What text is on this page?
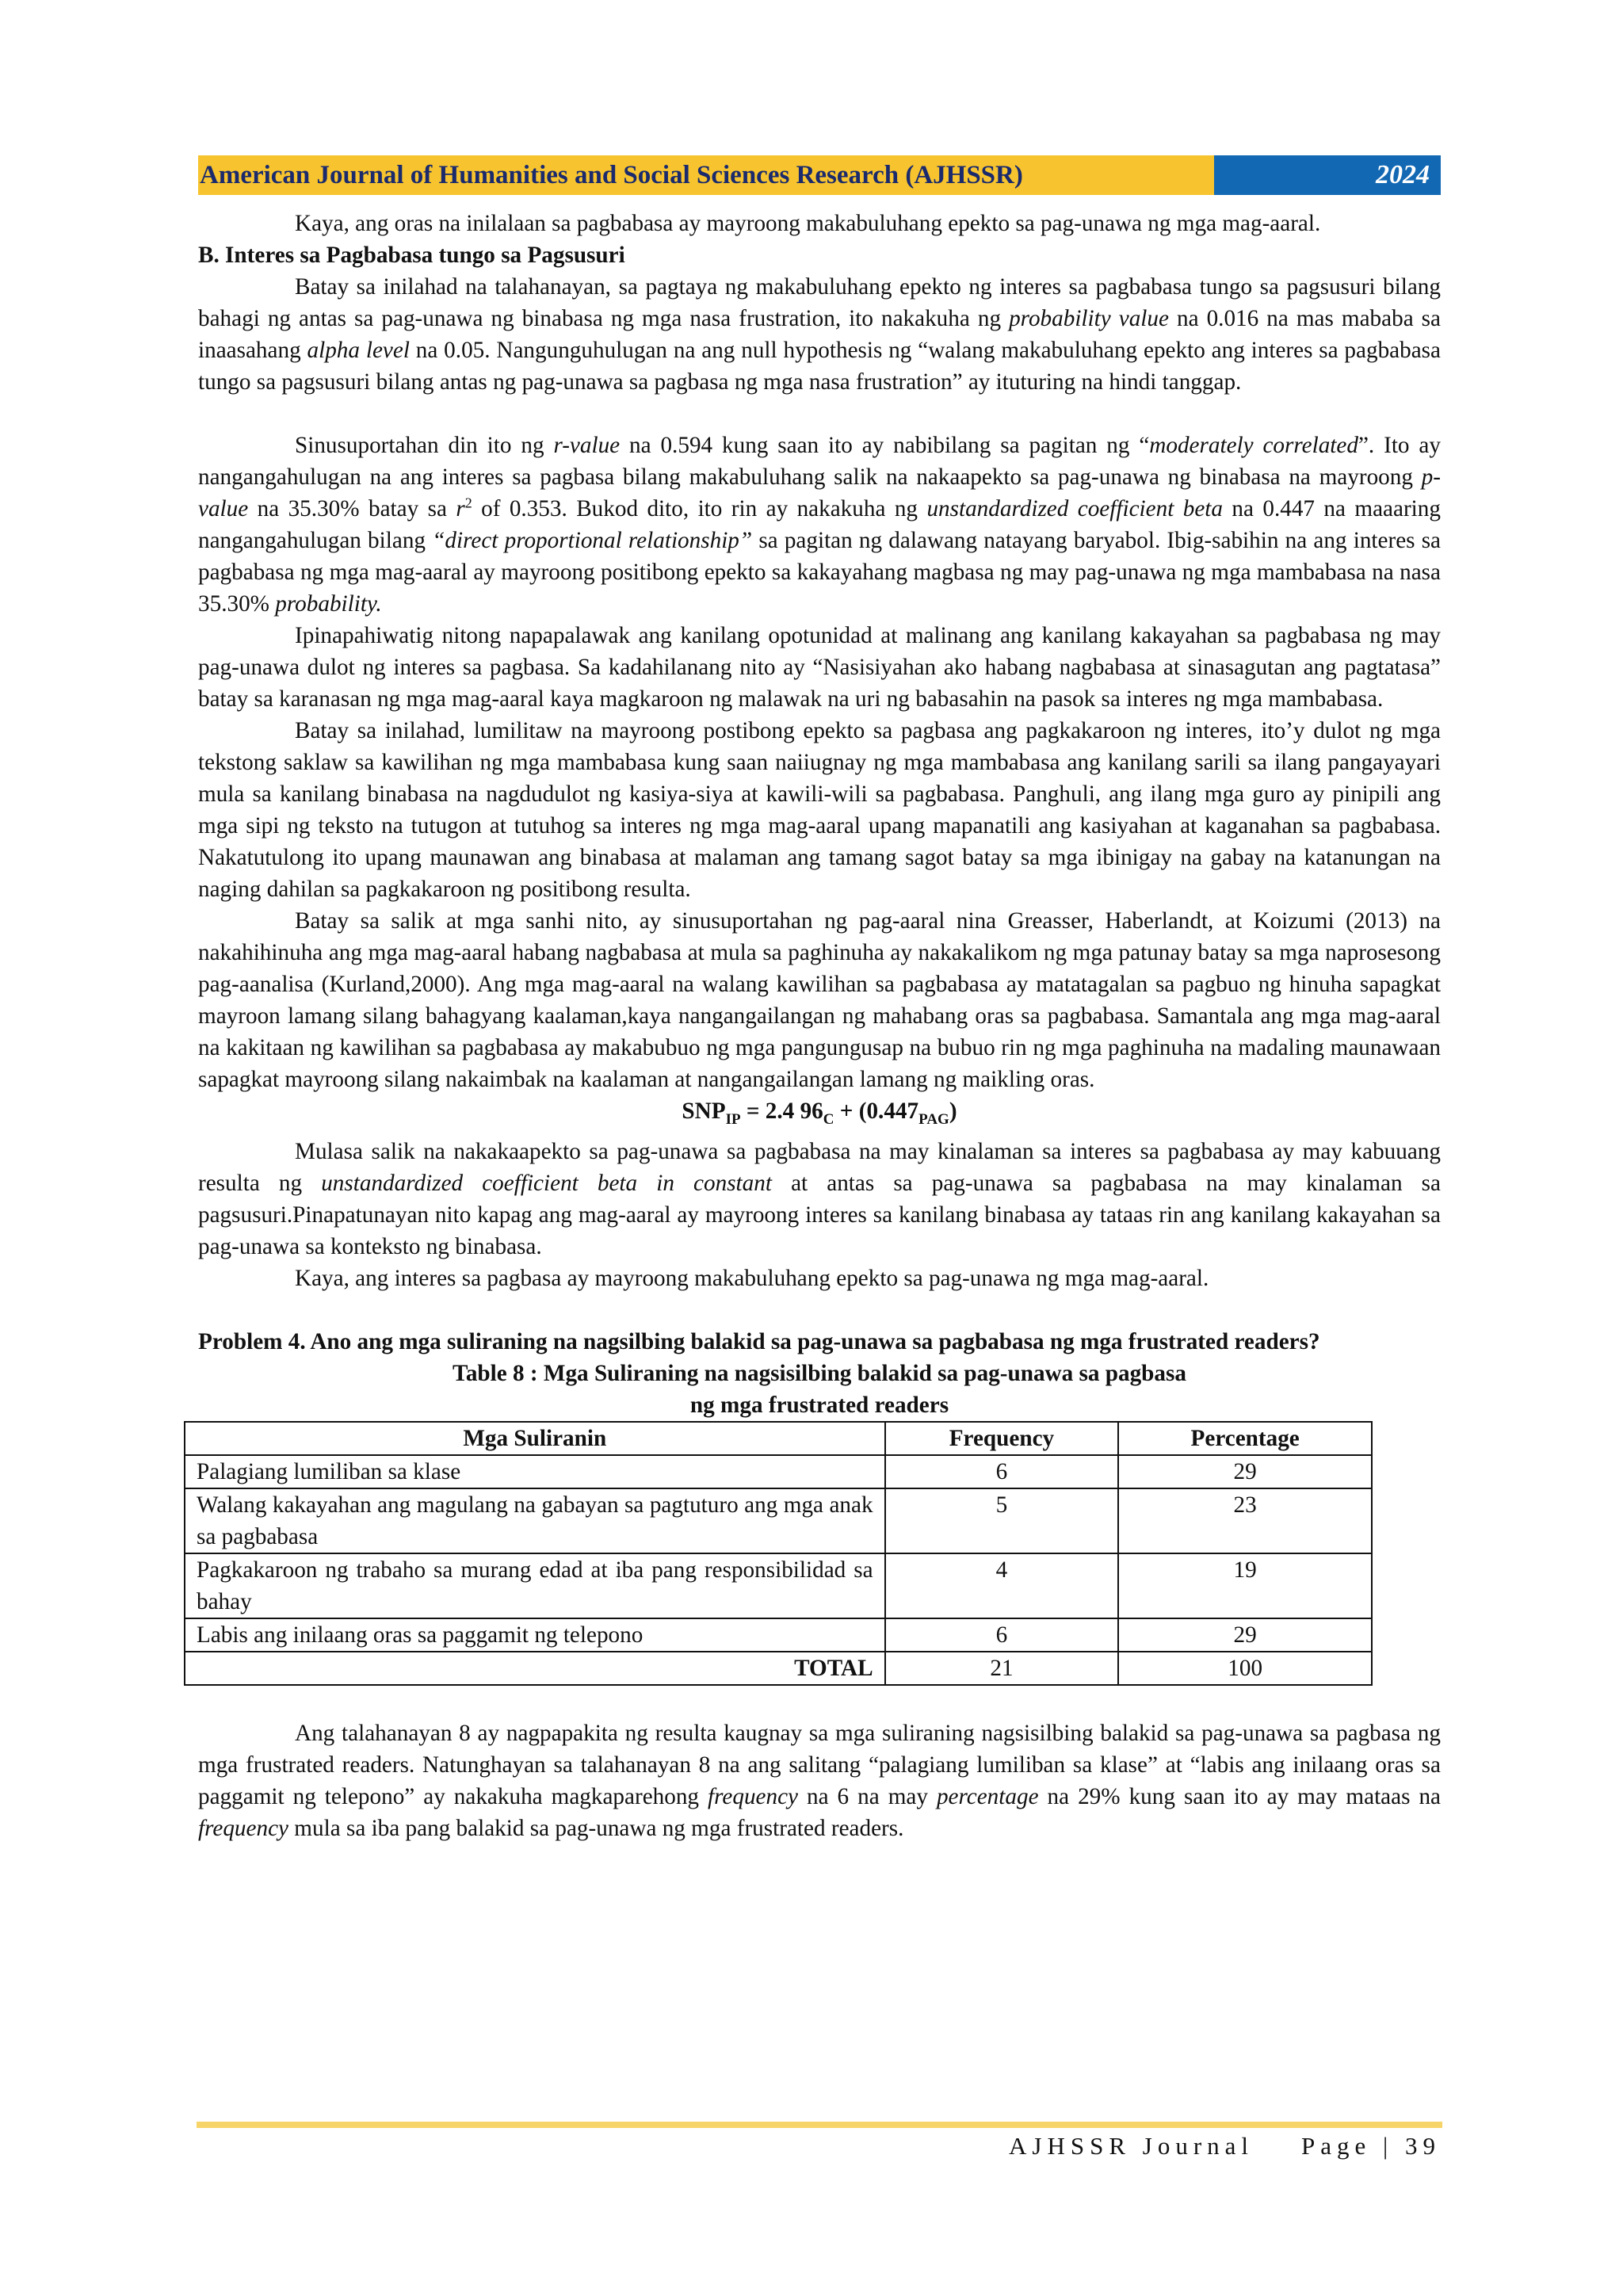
American Journal of Humanities and Social Sciences Research (AJHSSR)	2024

Kaya, ang oras na inilalaan sa pagbabasa ay mayroong makabuluhang epekto sa pag-unawa ng mga mag-aaral.

B. Interes sa Pagbabasa tungo sa Pagsusuri

Batay sa inilahad na talahanayan, sa pagtaya ng makabuluhang epekto ng interes sa pagbabasa tungo sa pagsusuri bilang bahagi ng antas sa pag-unawa ng binabasa ng mga nasa frustration, ito nakakuha ng probability value na 0.016 na mas mababa sa inaasahang alpha level na 0.05. Nangunguhulugan na ang null hypothesis ng “walang makabuluhang epekto ang interes sa pagbabasa tungo sa pagsusuri bilang antas ng pag-unawa sa pagbasa ng mga nasa frustration” ay ituturing na hindi tanggap.

Sinusuportahan din ito ng r-value na 0.594 kung saan ito ay nabibilang sa pagitan ng “moderately correlated”. Ito ay nangangahulugan na ang interes sa pagbasa bilang makabuluhang salik na nakaapekto sa pag-unawa ng binabasa na mayroong p-value na 35.30% batay sa $r^2$ of 0.353. Bukod dito, ito rin ay nakakuha ng unstandardized coefficient beta na 0.447 na maaaring nangangahulugan bilang “direct proportional relationship” sa pagitan ng dalawang natayang baryabol. Ibig-sabihin na ang interes sa pagbabasa ng mga mag-aaral ay mayroong positibong epekto sa kakayahang magbasa ng may pag-unawa ng mga mambabasa na nasa 35.30% probability.

Ipinapahiwatig nitong napapalawak ang kanilang opotunidad at malinang ang kanilang kakayahan sa pagbabasa ng may pag-unawa dulot ng interes sa pagbasa. Sa kadahilanang nito ay “Nasisiyahan ako habang nagbabasa at sinasagutan ang pagtatasa” batay sa karanasan ng mga mag-aaral kaya magkaroon ng malawak na uri ng babasahin na pasok sa interes ng mga mambabasa.

Batay sa inilahad, lumilitaw na mayroong postibong epekto sa pagbasa ang pagkakaroon ng interes, ito’y dulot ng mga tekstong saklaw sa kawilihan ng mga mambabasa kung saan naiiugnay ng mga mambabasa ang kanilang sarili sa ilang pangayayari mula sa kanilang binabasa na nagdudulot ng kasiya-siya at kawili-wili sa pagbabasa. Panghuli, ang ilang mga guro ay pinipili ang mga sipi ng teksto na tutugon at tutuhog sa interes ng mga mag-aaral upang mapanatili ang kasiyahan at kaganahan sa pagbabasa. Nakatutulong ito upang maunawan ang binabasa at malaman ang tamang sagot batay sa mga ibinigay na gabay na katanungan na naging dahilan sa pagkakaroon ng positibong resulta.

Batay sa salik at mga sanhi nito, ay sinusuportahan ng pag-aaral nina Greasser, Haberlandt, at Koizumi (2013) na nakahihinuha ang mga mag-aaral habang nagbabasa at mula sa paghinuha ay nakakalikom ng mga patunay batay sa mga naprosesong pag-aanalisa (Kurland,2000). Ang mga mag-aaral na walang kawilihan sa pagbabasa ay matatagalan sa pagbuo ng hinuha sapagkat mayroon lamang silang bahagyang kaalaman,kaya nangangailangan ng mahabang oras sa pagbabasa. Samantala ang mga mag-aaral na kakitaan ng kawilihan sa pagbabasa ay makabubuo ng mga pangungusap na bubuo rin ng mga paghinuha na madaling maunawaan sapagkat mayroong silang nakaimbak na kaalaman at nangangailangan lamang ng maikling oras.

$SNP_{IP} = 2.4$ $96_C + (0.447_{PAG})$

Mulasa salik na nakakaapekto sa pag-unawa sa pagbabasa na may kinalaman sa interes sa pagbabasa ay may kabuuang resulta ng unstandardized coefficient beta in constant at antas sa pag-unawa sa pagbabasa na may kinalaman sa pagsusuri.Pinapatunayan nito kapag ang mag-aaral ay mayroong interes sa kanilang binabasa ay tataas rin ang kanilang kakayahan sa pag-unawa sa konteksto ng binabasa.

Kaya, ang interes sa pagbasa ay mayroong makabuluhang epekto sa pag-unawa ng mga mag-aaral.

Problem 4. Ano ang mga suliraning na nagsilbing balakid sa pag-unawa sa pagbabasa ng mga frustrated readers?
Table 8 : Mga Suliraning na nagsisilbing balakid sa pag-unawa sa pagbasa
ng mga frustrated readers
Mga Suliranin	Frequency	Percentage
Palagiang lumiliban sa klase	6	29
Walang kakayahan ang magulang na gabayan sa pagtuturo ang mga anak sa pagbabasa	5	23
Pagkakaroon ng trabaho sa murang edad at iba pang responsibilidad sa bahay	4	19
Labis ang inilaang oras sa paggamit ng telepono	6	29
TOTAL	21	100

Ang talahanayan 8 ay nagpapakita ng resulta kaugnay sa mga suliraning nagsisilbing balakid sa pag-unawa sa pagbasa ng mga frustrated readers. Natunghayan sa talahanayan 8 na ang salitang “palagiang lumiliban sa klase” at “labis ang inilaang oras sa paggamit ng telepono” ay nakakuha magkaparehong frequency na 6 na may percentage na 29% kung saan ito ay may mataas na frequency mula sa iba pang balakid sa pag-unawa ng mga frustrated readers.

AJHSSR Journal Page | 39
